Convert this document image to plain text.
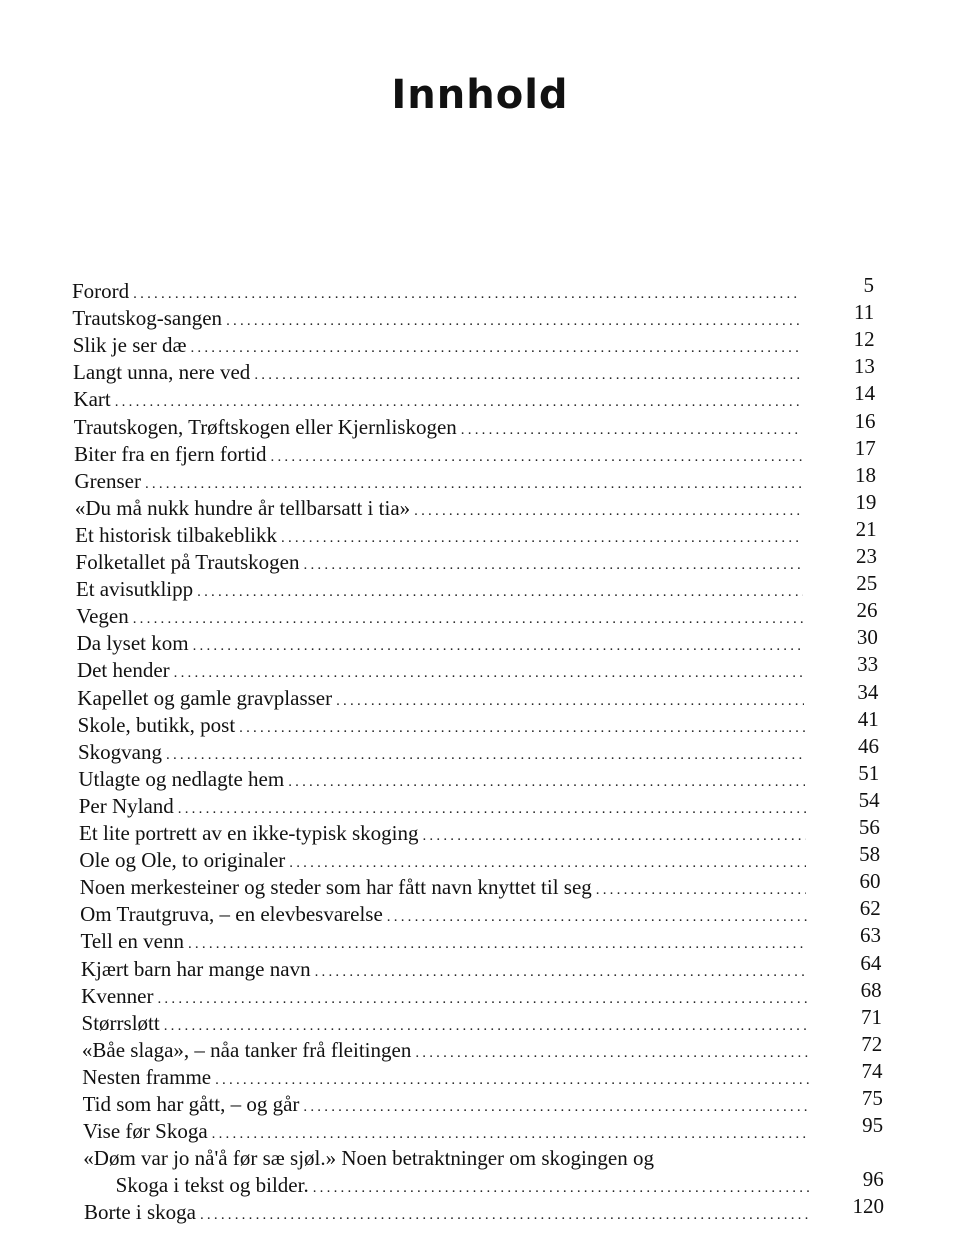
Innhold
Forord .....	5
Trautskog-sangen .....	11
Slik je ser dæ .....	12
Langt unna, nere ved .....	13
Kart .....	14
Trautskogen, Trøftskogen eller Kjernliskogen .....	16
Biter fra en fjern fortid .....	17
Grenser .....	18
«Du må nukk hundre år tellbarsatt i tia» .....	19
Et historisk tilbakeblikk .....	21
Folketallet på Trautskogen .....	23
Et avisutklipp .....	25
Vegen .....	26
Da lyset kom .....	30
Det hender .....	33
Kapellet og gamle gravplasser .....	34
Skole, butikk, post .....	41
Skogvang .....	46
Utlagte og nedlagte hem .....	51
Per Nyland .....	54
Et lite portrett av en ikke-typisk skoging .....	56
Ole og Ole, to originaler .....	58
Noen merkesteiner og steder som har fått navn knyttet til seg .....	60
Om Trautgruva, – en elevbesvarelse .....	62
Tell en venn .....	63
Kjært barn har mange navn .....	64
Kvenner .....	68
Størrsløtt .....	71
«Båe slaga», – nåa tanker frå fleitingen .....	72
Nesten framme .....	74
Tid som har gått, – og går .....	75
Vise før Skoga .....	95
«Døm var jo nå'å før sæ sjøl.» Noen betraktninger om skogingen og
Skoga i tekst og bilder. .....	96
Borte i skoga .....	120
